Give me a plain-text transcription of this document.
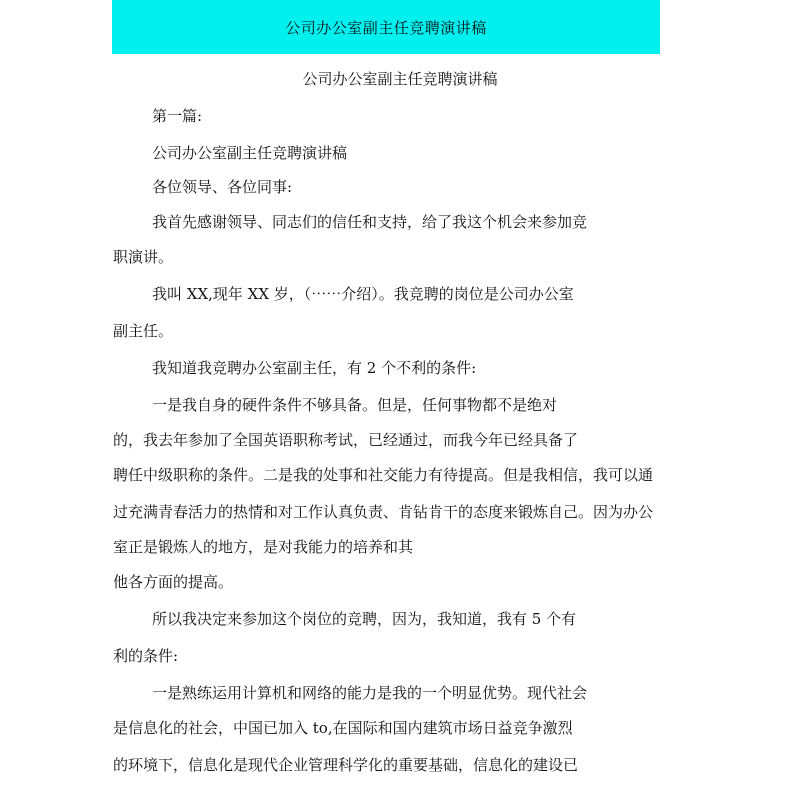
公司办公室副主任竞聘演讲稿
公司办公室副主任竞聘演讲稿
第一篇:
公司办公室副主任竞聘演讲稿
各位领导、各位同事:
我首先感谢领导、同志们的信任和支持，给了我这个机会来参加竞
职演讲。
我叫 XX,现年 XX 岁，（⋯⋯介绍）。我竞聘的岗位是公司办公室
副主任。
我知道我竞聘办公室副主任，有 2 个不利的条件:
一是我自身的硬件条件不够具备。但是，任何事物都不是绝对
的，我去年参加了全国英语职称考试，已经通过，而我今年已经具备了
聘任中级职称的条件。二是我的处事和社交能力有待提高。但是我相信，我可以通
过充满青春活力的热情和对工作认真负责、肯钻肯干的态度来锻炼自己。因为办公
室正是锻炼人的地方，是对我能力的培养和其
他各方面的提高。
所以我决定来参加这个岗位的竞聘，因为，我知道，我有 5 个有
利的条件:
一是熟练运用计算机和网络的能力是我的一个明显优势。现代社会
是信息化的社会，中国已加入 to,在国际和国内建筑市场日益竞争激烈
的环境下，信息化是现代企业管理科学化的重要基础，信息化的建设已
